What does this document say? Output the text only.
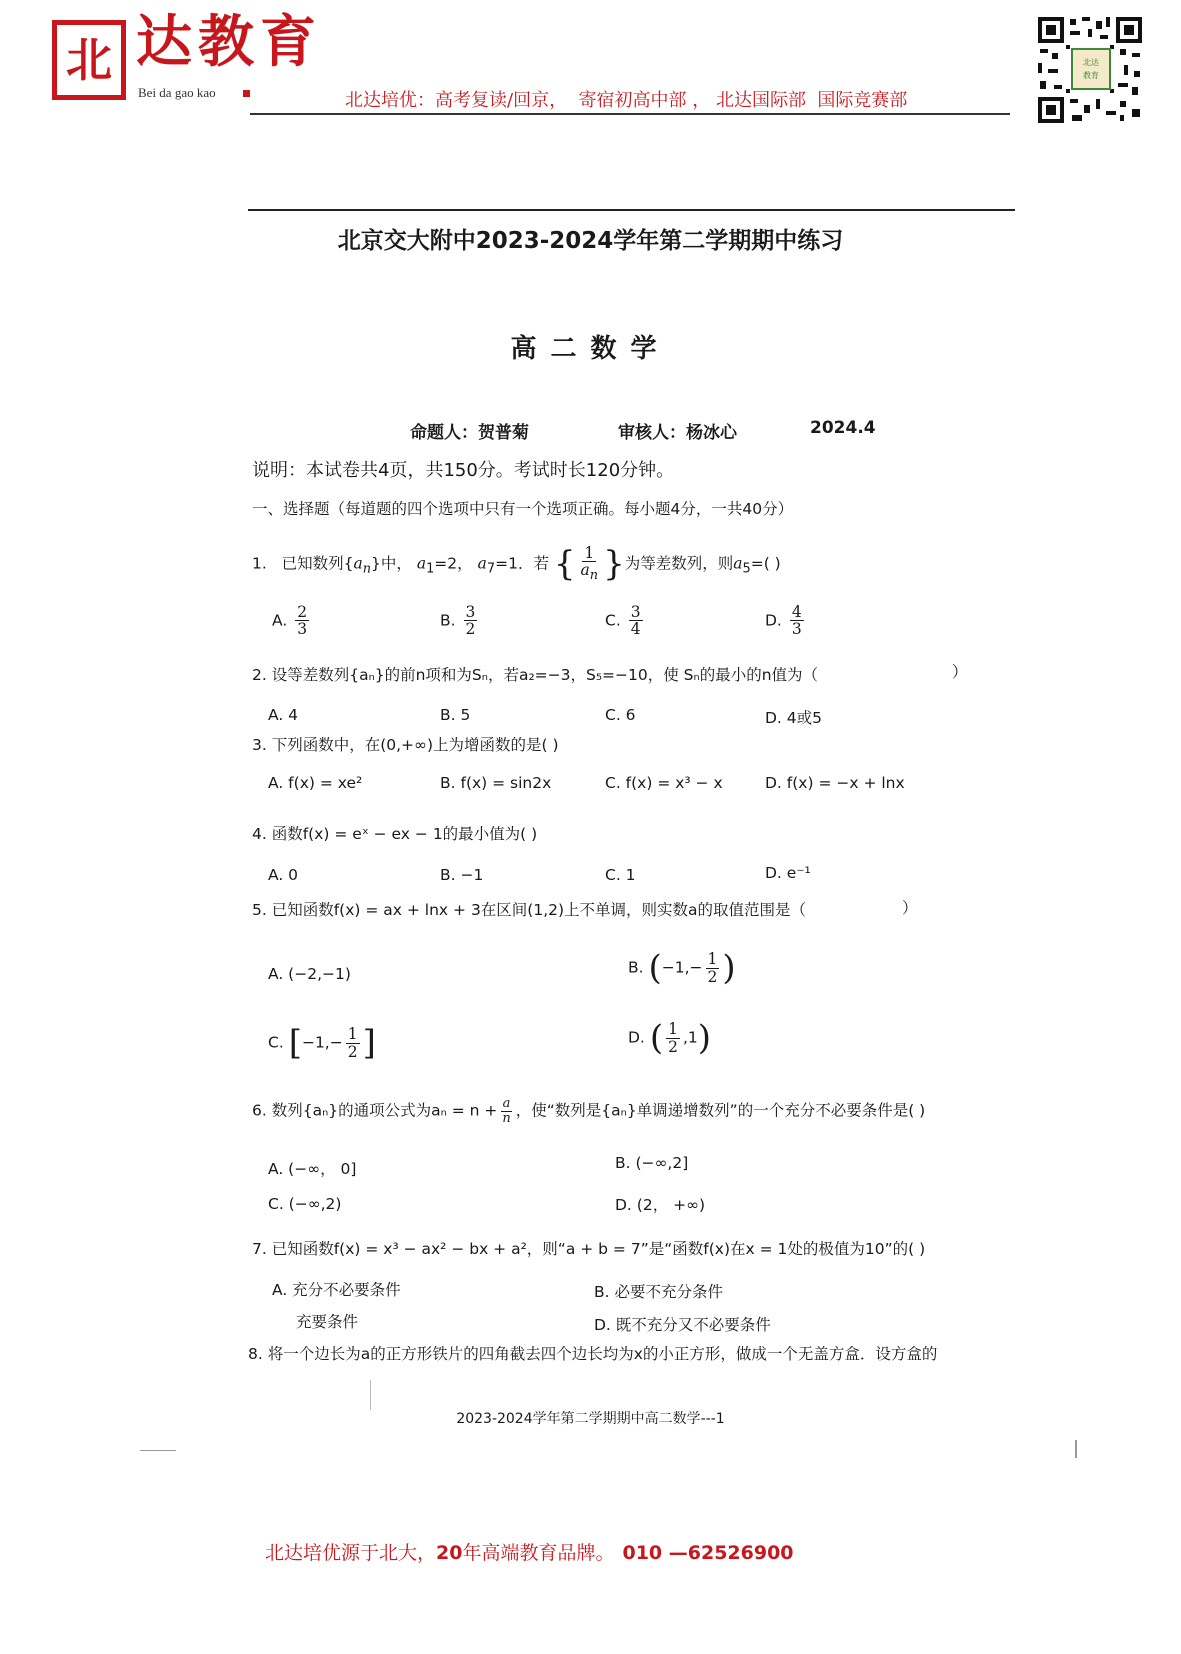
北 达教育
Bei da gao kao	北达培优：高考复读/回京，  寄宿初高中部 ， 北达国际部  国际竞赛部
北达
教育
北京交大附中2023-2024学年第二学期期中练习
高二数学
命题人：贺普菊	审核人：杨冰心	2024.4
说明：本试卷共4页，共150分。考试时长120分钟。
一、选择题（每道题的四个选项中只有一个选项正确。每小题4分，一共40分）
1. 已知数列$\{a_n\}$中， $a_1=2$， $a_7=1$．若 { $\frac{1}{a_n}$ }为等差数列，则$a_5=$( )
A. $\frac{2}{3}$	B. $\frac{3}{2}$	C. $\frac{3}{4}$	D. $\frac{4}{3}$
2. 设等差数列{aₙ}的前n项和为Sₙ，若a₂=−3，S₅=−10，使 Sₙ的最小的n值为（	）
A. 4	B. 5	C. 6	D. 4或5
3. 下列函数中，在(0,+∞)上为增函数的是( )
A. f(x) = xe²	B. f(x) = sin2x	C. f(x) = x³ − x	D. f(x) = −x + lnx
4. 函数f(x) = eˣ − ex − 1的最小值为( )
A. 0	B. −1	C. 1	D. e⁻¹
5. 已知函数f(x) = ax + lnx + 3在区间(1,2)上不单调，则实数a的取值范围是（	）
A. (−2,−1)	B. ($-1,- \frac{1}{2}$ )
C. [$-1,- \frac{1}{2}$ ]	D. ( $\frac{1}{2} ,1$)
6. 数列{aₙ}的通项公式为$a_n = n + \frac{a}{n}$ ，使“数列是{aₙ}单调递增数列”的一个充分不必要条件是( )
A. (−∞， 0]	B. (−∞,2]
C. (−∞,2)	D. (2， +∞)
7. 已知函数f(x) = x³ − ax² − bx + a²，则“a + b = 7”是“函数f(x)在x = 1处的极值为10”的( )
A. 充分不必要条件	B. 必要不充分条件
充要条件	D. 既不充分又不必要条件
8. 将一个边长为a的正方形铁片的四角截去四个边长均为x的小正方形，做成一个无盖方盒．设方盒的
2023-2024学年第二学期期中高二数学---1
北达培优源于北大，20年高端教育品牌。 010 —62526900
